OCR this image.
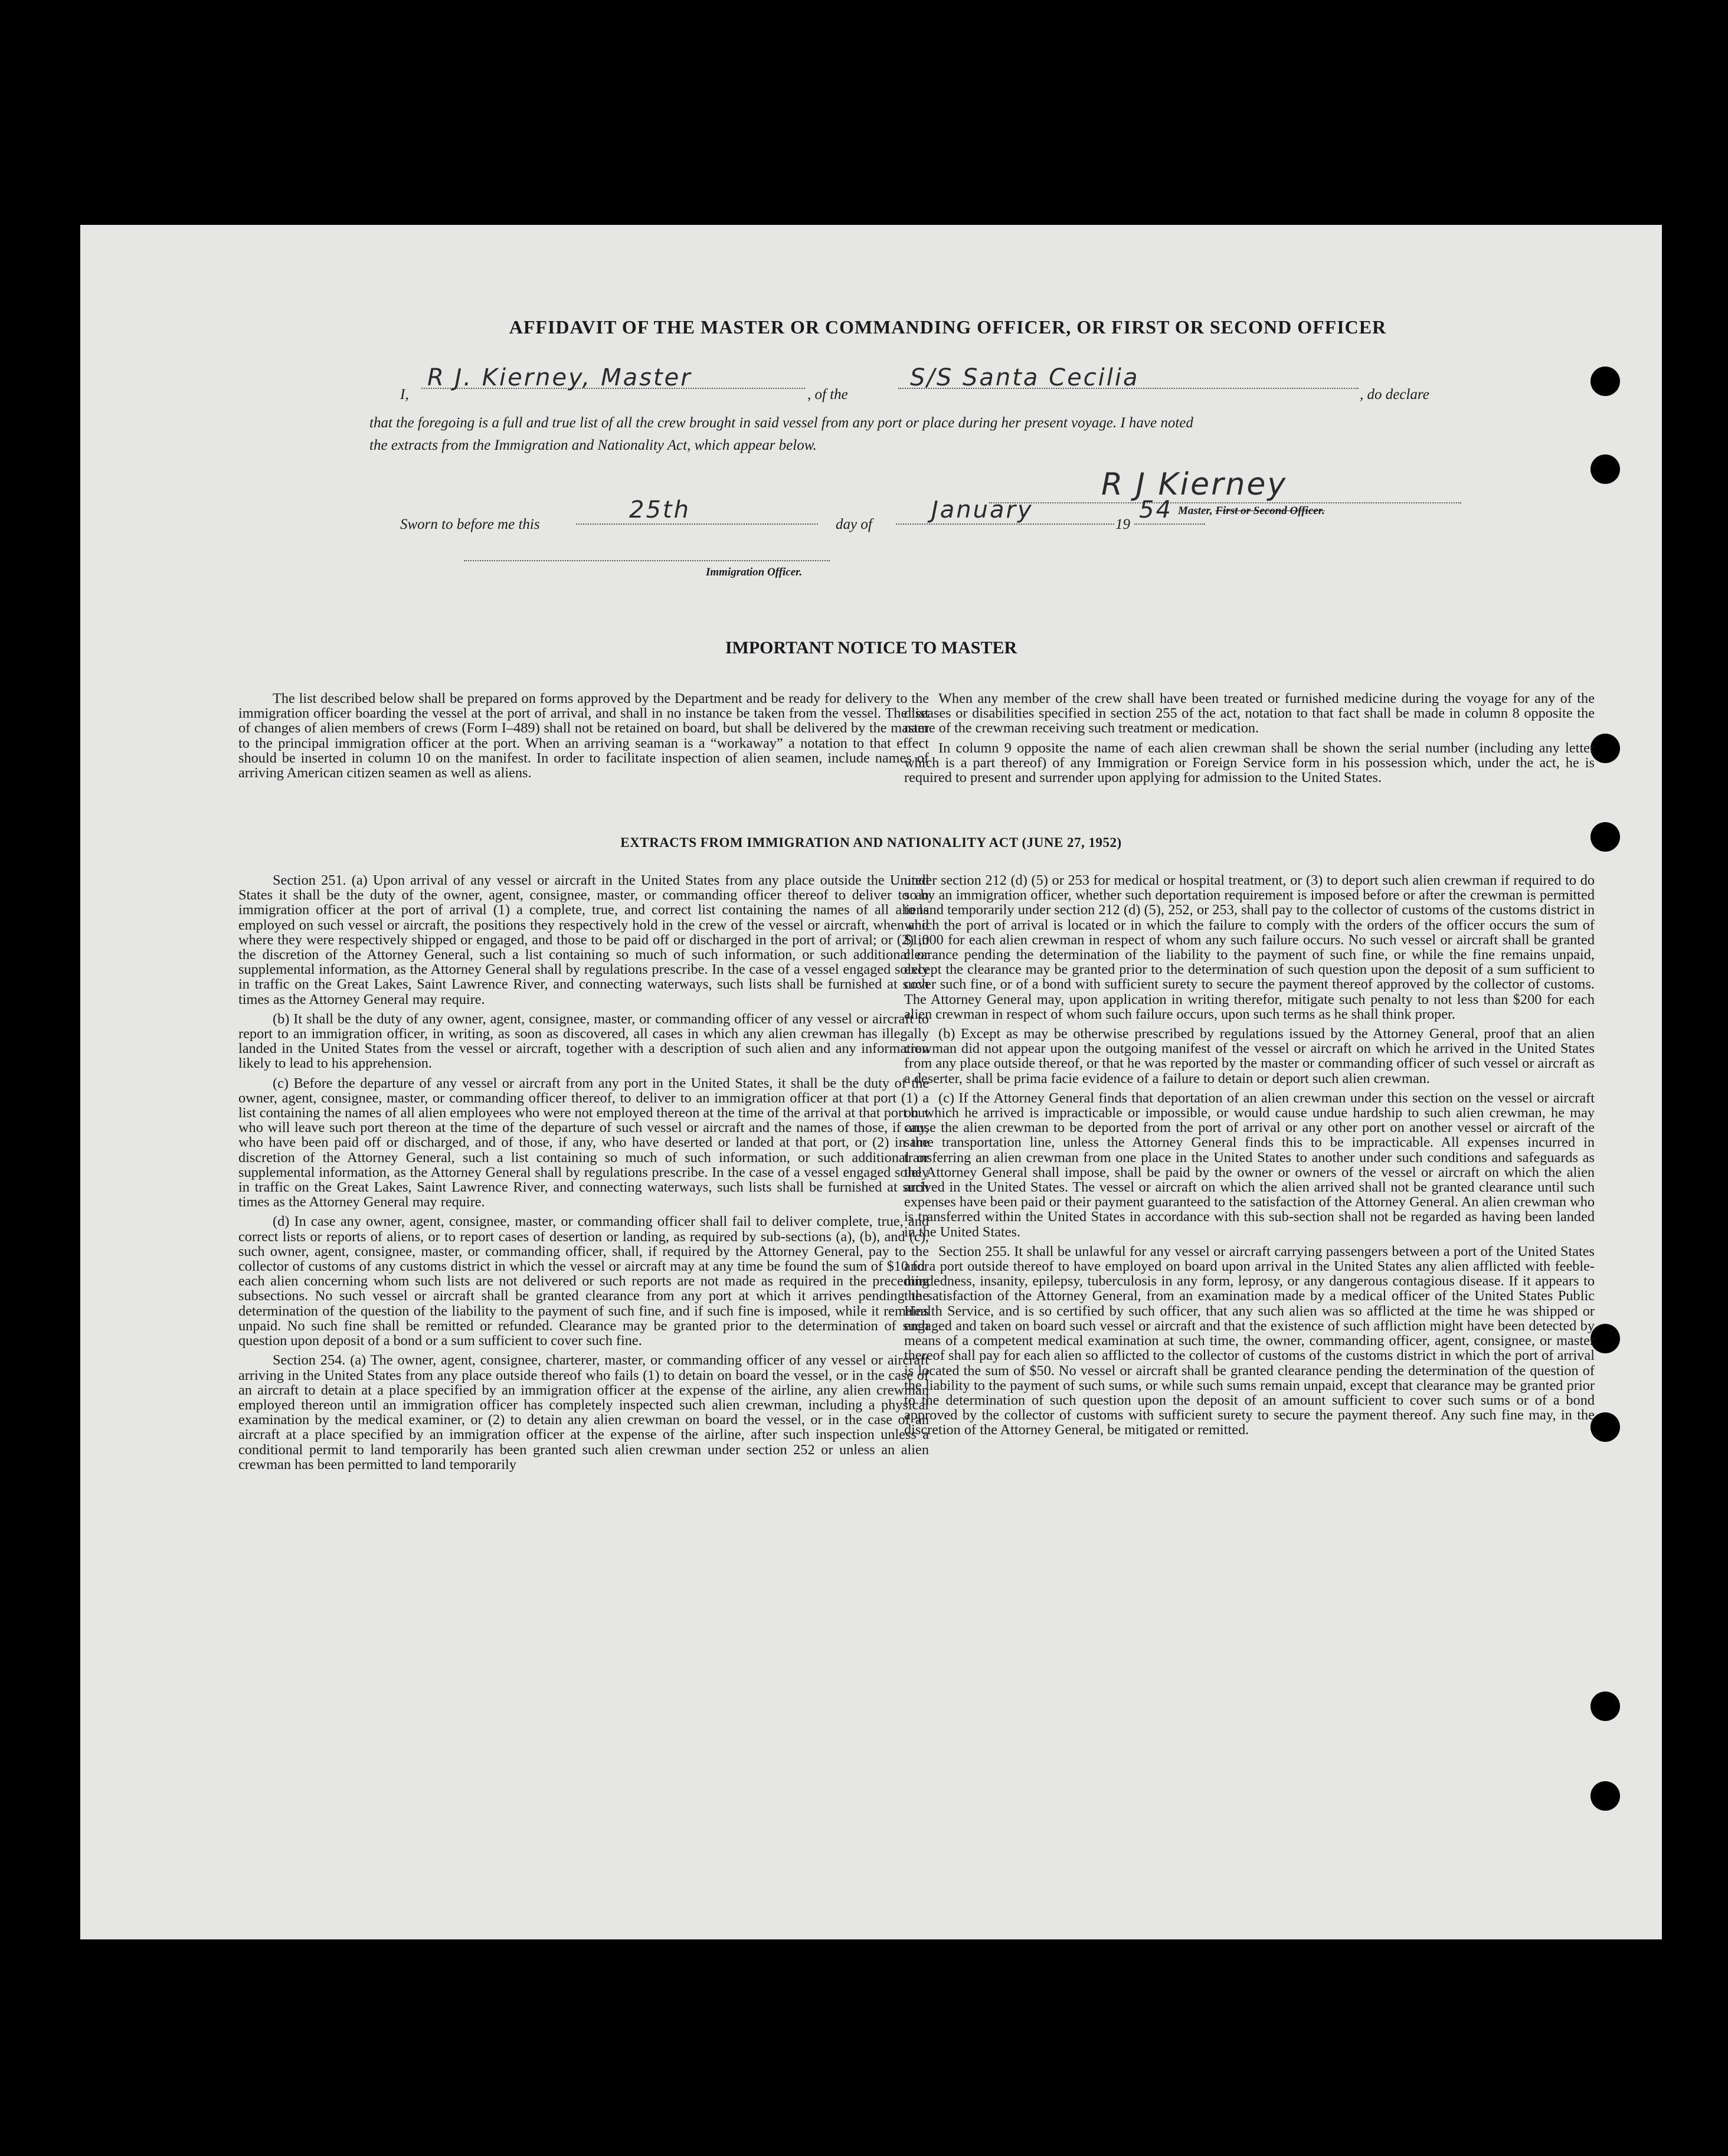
AFFIDAVIT OF THE MASTER OR COMMANDING OFFICER, OR FIRST OR SECOND OFFICER
I,
R J. Kierney, Master
, of the
S/S Santa Cecilia
, do declare
that the foregoing is a full and true list of all the crew brought in said vessel from any port or place during her present voyage. I have noted
the extracts from the Immigration and Nationality Act, which appear below.
R J Kierney
Master, First or Second Officer.
Sworn to before me this
25th
day of
January
19
54
Immigration Officer.
IMPORTANT NOTICE TO MASTER

The list described below shall be prepared on forms approved by the Department and be ready for delivery to the immigration officer boarding the vessel at the port of arrival, and shall in no instance be taken from the vessel. The list of changes of alien members of crews (Form I–489) shall not be retained on board, but shall be delivered by the master to the principal immigration officer at the port. When an arriving seaman is a “workaway” a notation to that effect should be inserted in column 10 on the manifest. In order to facilitate inspection of alien seamen, include names of arriving American citizen seamen as well as aliens.

When any member of the crew shall have been treated or furnished medicine during the voyage for any of the diseases or disabilities specified in section 255 of the act, notation to that fact shall be made in column 8 opposite the name of the crewman receiving such treatment or medication.

In column 9 opposite the name of each alien crewman shall be shown the serial number (including any letter which is a part thereof) of any Immigration or Foreign Service form in his possession which, under the act, he is required to present and surrender upon applying for admission to the United States.

EXTRACTS FROM IMMIGRATION AND NATIONALITY ACT (JUNE 27, 1952)

Section 251. (a) Upon arrival of any vessel or aircraft in the United States from any place outside the United States it shall be the duty of the owner, agent, consignee, master, or commanding officer thereof to deliver to an immigration officer at the port of arrival (1) a complete, true, and correct list containing the names of all aliens employed on such vessel or aircraft, the positions they respectively hold in the crew of the vessel or aircraft, when and where they were respectively shipped or engaged, and those to be paid off or discharged in the port of arrival; or (2) in the discretion of the Attorney General, such a list containing so much of such information, or such additional or supplemental information, as the Attorney General shall by regulations prescribe. In the case of a vessel engaged solely in traffic on the Great Lakes, Saint Lawrence River, and connecting waterways, such lists shall be furnished at such times as the Attorney General may require.

(b) It shall be the duty of any owner, agent, consignee, master, or commanding officer of any vessel or aircraft to report to an immigration officer, in writing, as soon as discovered, all cases in which any alien crewman has illegally landed in the United States from the vessel or aircraft, together with a description of such alien and any information likely to lead to his apprehension.

(c) Before the departure of any vessel or aircraft from any port in the United States, it shall be the duty of the owner, agent, consignee, master, or commanding officer thereof, to deliver to an immigration officer at that port (1) a list containing the names of all alien employees who were not employed thereon at the time of the arrival at that port but who will leave such port thereon at the time of the departure of such vessel or aircraft and the names of those, if any, who have been paid off or discharged, and of those, if any, who have deserted or landed at that port, or (2) in the discretion of the Attorney General, such a list containing so much of such information, or such additional or supplemental information, as the Attorney General shall by regulations prescribe. In the case of a vessel engaged solely in traffic on the Great Lakes, Saint Lawrence River, and connecting waterways, such lists shall be furnished at such times as the Attorney General may require.

(d) In case any owner, agent, consignee, master, or commanding officer shall fail to deliver complete, true, and correct lists or reports of aliens, or to report cases of desertion or landing, as required by sub-sections (a), (b), and (c), such owner, agent, consignee, master, or commanding officer, shall, if required by the Attorney General, pay to the collector of customs of any customs district in which the vessel or aircraft may at any time be found the sum of $10 for each alien concerning whom such lists are not delivered or such reports are not made as required in the preceding subsections. No such vessel or aircraft shall be granted clearance from any port at which it arrives pending the determination of the question of the liability to the payment of such fine, and if such fine is imposed, while it remains unpaid. No such fine shall be remitted or refunded. Clearance may be granted prior to the determination of such question upon deposit of a bond or a sum sufficient to cover such fine.

Section 254. (a) The owner, agent, consignee, charterer, master, or commanding officer of any vessel or aircraft arriving in the United States from any place outside thereof who fails (1) to detain on board the vessel, or in the case of an aircraft to detain at a place specified by an immigration officer at the expense of the airline, any alien crewman employed thereon until an immigration officer has completely inspected such alien crewman, including a physical examination by the medical examiner, or (2) to detain any alien crewman on board the vessel, or in the case of an aircraft at a place specified by an immigration officer at the expense of the airline, after such inspection unless a conditional permit to land temporarily has been granted such alien crewman under section 252 or unless an alien crewman has been permitted to land temporarily

under section 212 (d) (5) or 253 for medical or hospital treatment, or (3) to deport such alien crewman if required to do so by an immigration officer, whether such deportation requirement is imposed before or after the crewman is permitted to land temporarily under section 212 (d) (5), 252, or 253, shall pay to the collector of customs of the customs district in which the port of arrival is located or in which the failure to comply with the orders of the officer occurs the sum of $1,000 for each alien crewman in respect of whom any such failure occurs. No such vessel or aircraft shall be granted clearance pending the determination of the liability to the payment of such fine, or while the fine remains unpaid, except the clearance may be granted prior to the determination of such question upon the deposit of a sum sufficient to cover such fine, or of a bond with sufficient surety to secure the payment thereof approved by the collector of customs. The Attorney General may, upon application in writing therefor, mitigate such penalty to not less than $200 for each alien crewman in respect of whom such failure occurs, upon such terms as he shall think proper.

(b) Except as may be otherwise prescribed by regulations issued by the Attorney General, proof that an alien crewman did not appear upon the outgoing manifest of the vessel or aircraft on which he arrived in the United States from any place outside thereof, or that he was reported by the master or commanding officer of such vessel or aircraft as a deserter, shall be prima facie evidence of a failure to detain or deport such alien crewman.

(c) If the Attorney General finds that deportation of an alien crewman under this section on the vessel or aircraft on which he arrived is impracticable or impossible, or would cause undue hardship to such alien crewman, he may cause the alien crewman to be deported from the port of arrival or any other port on another vessel or aircraft of the same transportation line, unless the Attorney General finds this to be impracticable. All expenses incurred in transferring an alien crewman from one place in the United States to another under such conditions and safeguards as the Attorney General shall impose, shall be paid by the owner or owners of the vessel or aircraft on which the alien arrived in the United States. The vessel or aircraft on which the alien arrived shall not be granted clearance until such expenses have been paid or their payment guaranteed to the satisfaction of the Attorney General. An alien crewman who is transferred within the United States in accordance with this sub-section shall not be regarded as having been landed in the United States.

Section 255. It shall be unlawful for any vessel or aircraft carrying passengers between a port of the United States and a port outside thereof to have employed on board upon arrival in the United States any alien afflicted with feeble-mindedness, insanity, epilepsy, tuberculosis in any form, leprosy, or any dangerous contagious disease. If it appears to the satisfaction of the Attorney General, from an examination made by a medical officer of the United States Public Health Service, and is so certified by such officer, that any such alien was so afflicted at the time he was shipped or engaged and taken on board such vessel or aircraft and that the existence of such affliction might have been detected by means of a competent medical examination at such time, the owner, commanding officer, agent, consignee, or master thereof shall pay for each alien so afflicted to the collector of customs of the customs district in which the port of arrival is located the sum of $50. No vessel or aircraft shall be granted clearance pending the determination of the question of the liability to the payment of such sums, or while such sums remain unpaid, except that clearance may be granted prior to the determination of such question upon the deposit of an amount sufficient to cover such sums or of a bond approved by the collector of customs with sufficient surety to secure the payment thereof. Any such fine may, in the discretion of the Attorney General, be mitigated or remitted.
